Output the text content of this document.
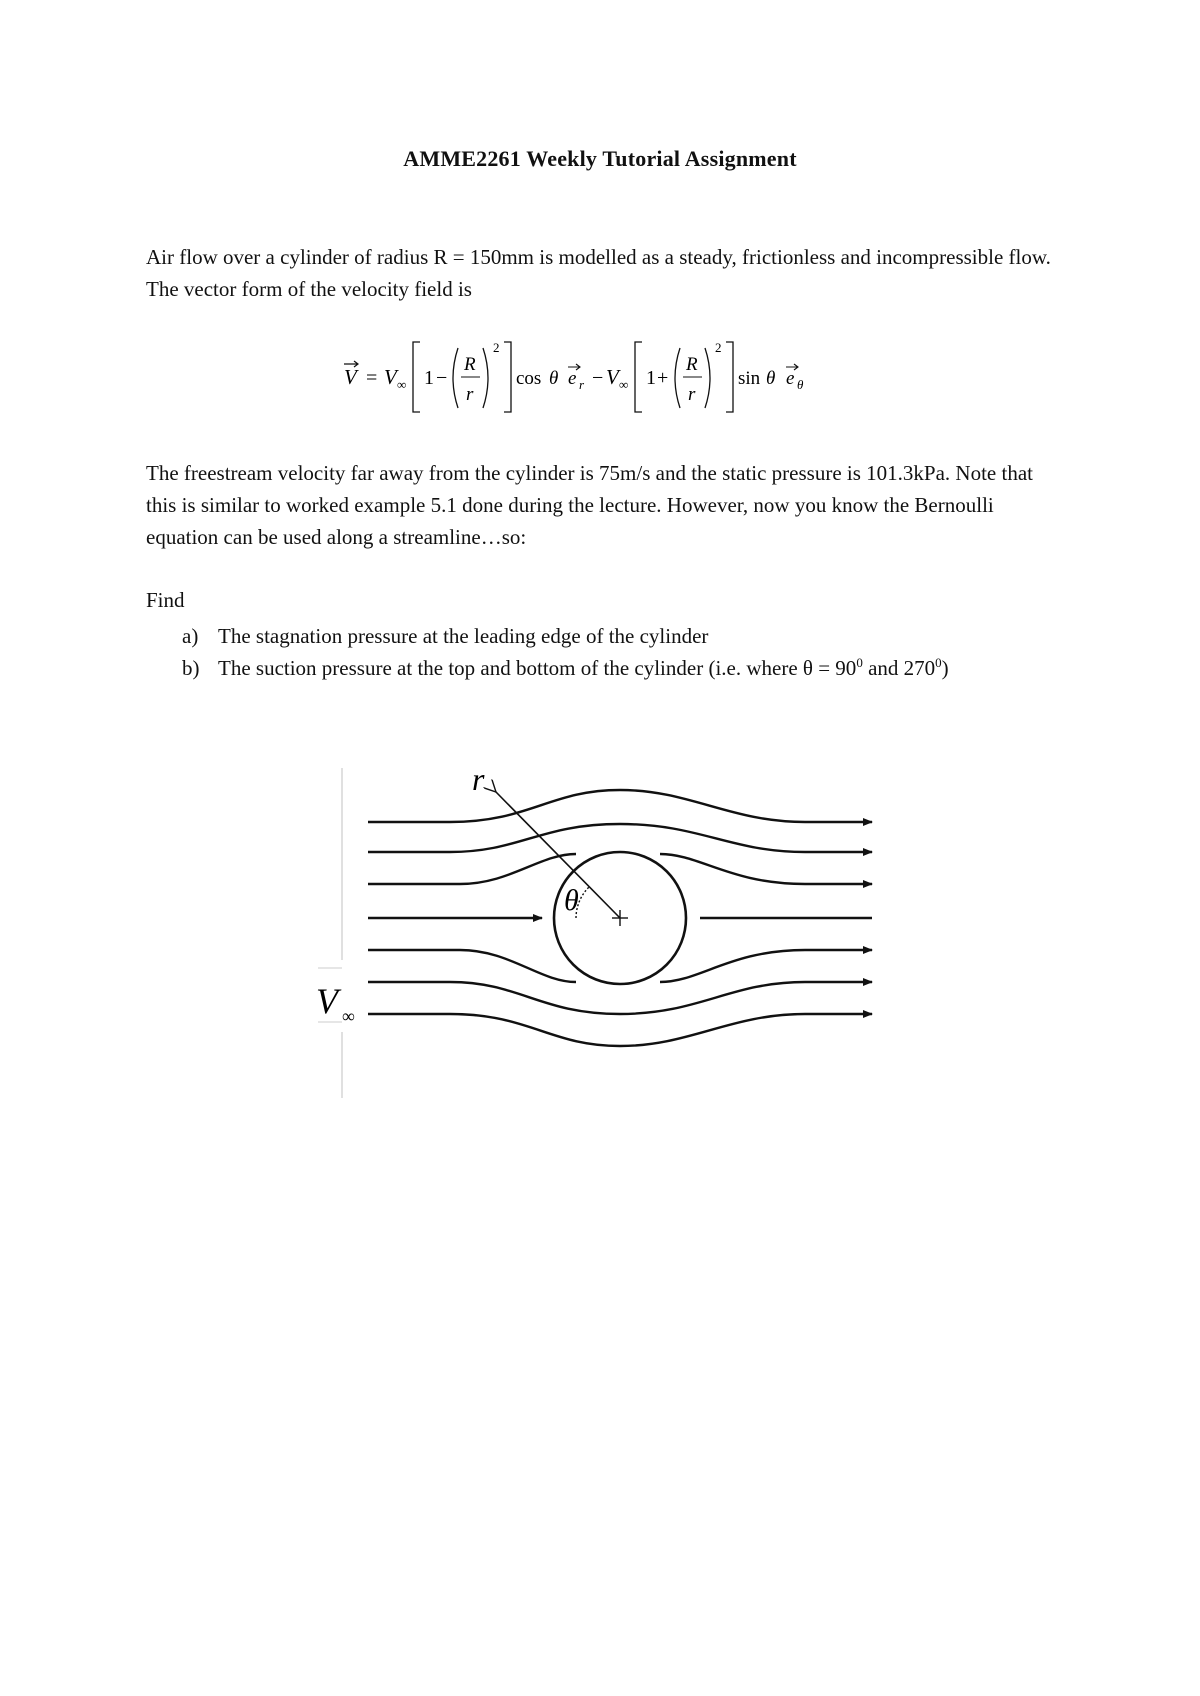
AMME2261 Weekly Tutorial Assignment
Air flow over a cylinder of radius R = 150mm is modelled as a steady, frictionless and incompressible flow. The vector form of the velocity field is
V = V ∞ 1 −
R
r
2
cos θ e r − V ∞ 1 +
R
r
2
sin θ e θ
The freestream velocity far away from the cylinder is 75m/s and the static pressure is 101.3kPa. Note that this is similar to worked example 5.1 done during the lecture. However, now you know the Bernoulli equation can be used along a streamline…so:
Find
a) The stagnation pressure at the leading edge of the cylinder
b) The suction pressure at the top and bottom of the cylinder (i.e. where $\theta = 90^0$ and $270^0$)
r
θ
V ∞
